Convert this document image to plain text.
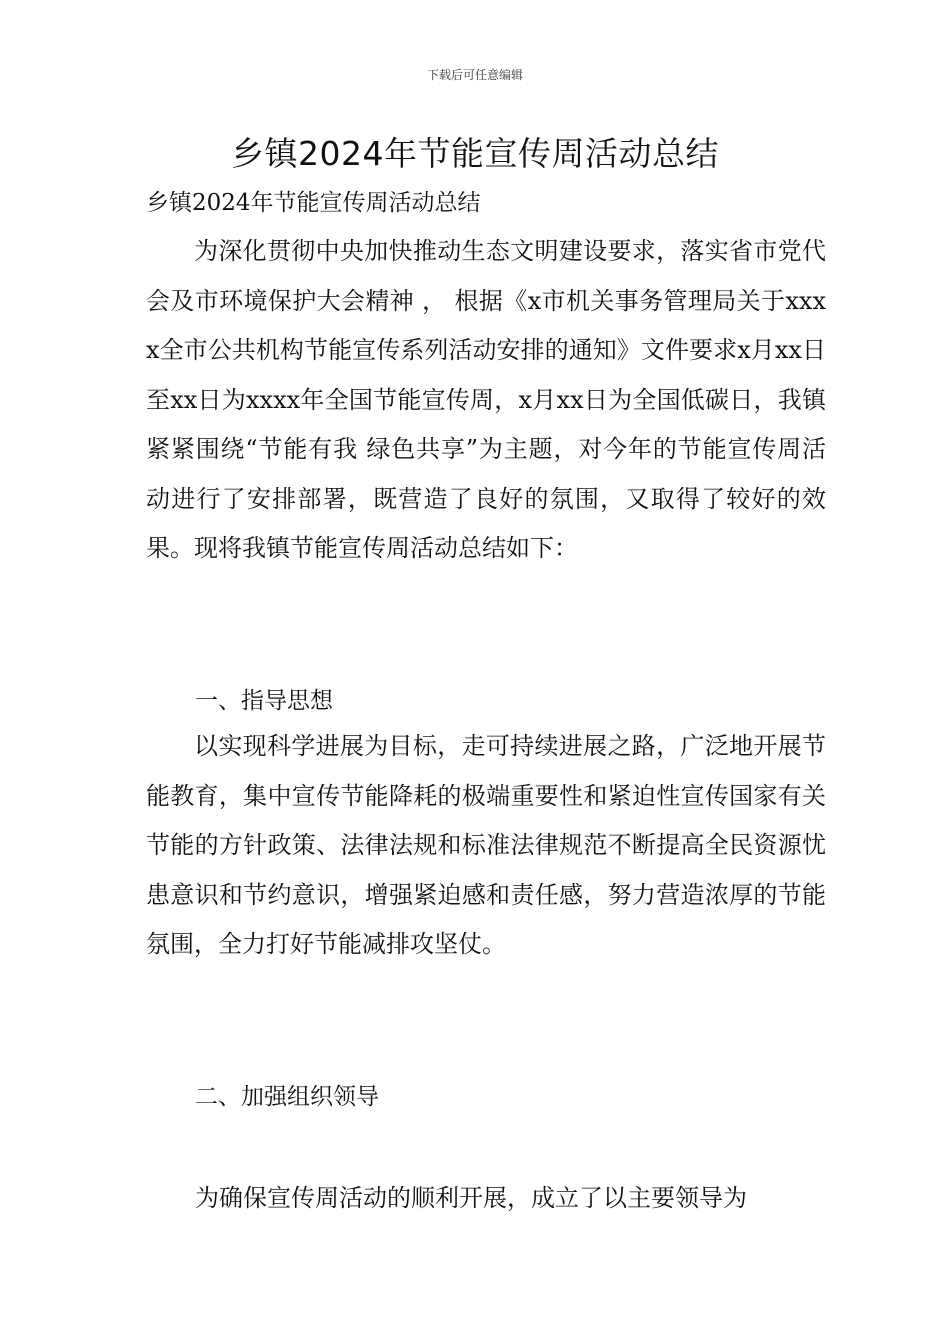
下载后可任意编辑
乡镇2024年节能宣传周活动总结

乡镇2024年节能宣传周活动总结

为深化贯彻中央加快推动生态文明建设要求，落实省市党代会及市环境保护大会精神 ， 根据《x市机关事务管理局关于xxxx全市公共机构节能宣传系列活动安排的通知》文件要求x月xx日至xx日为xxxx年全国节能宣传周，x月xx日为全国低碳日，我镇紧紧围绕“节能有我 绿色共享”为主题，对今年的节能宣传周活动进行了安排部署，既营造了良好的氛围，又取得了较好的效果。现将我镇节能宣传周活动总结如下：

一、指导思想

以实现科学进展为目标，走可持续进展之路，广泛地开展节能教育，集中宣传节能降耗的极端重要性和紧迫性宣传国家有关节能的方针政策、法律法规和标准法律规范不断提高全民资源忧患意识和节约意识，增强紧迫感和责任感，努力营造浓厚的节能氛围，全力打好节能减排攻坚仗。

二、加强组织领导

为确保宣传周活动的顺利开展，成立了以主要领导为
